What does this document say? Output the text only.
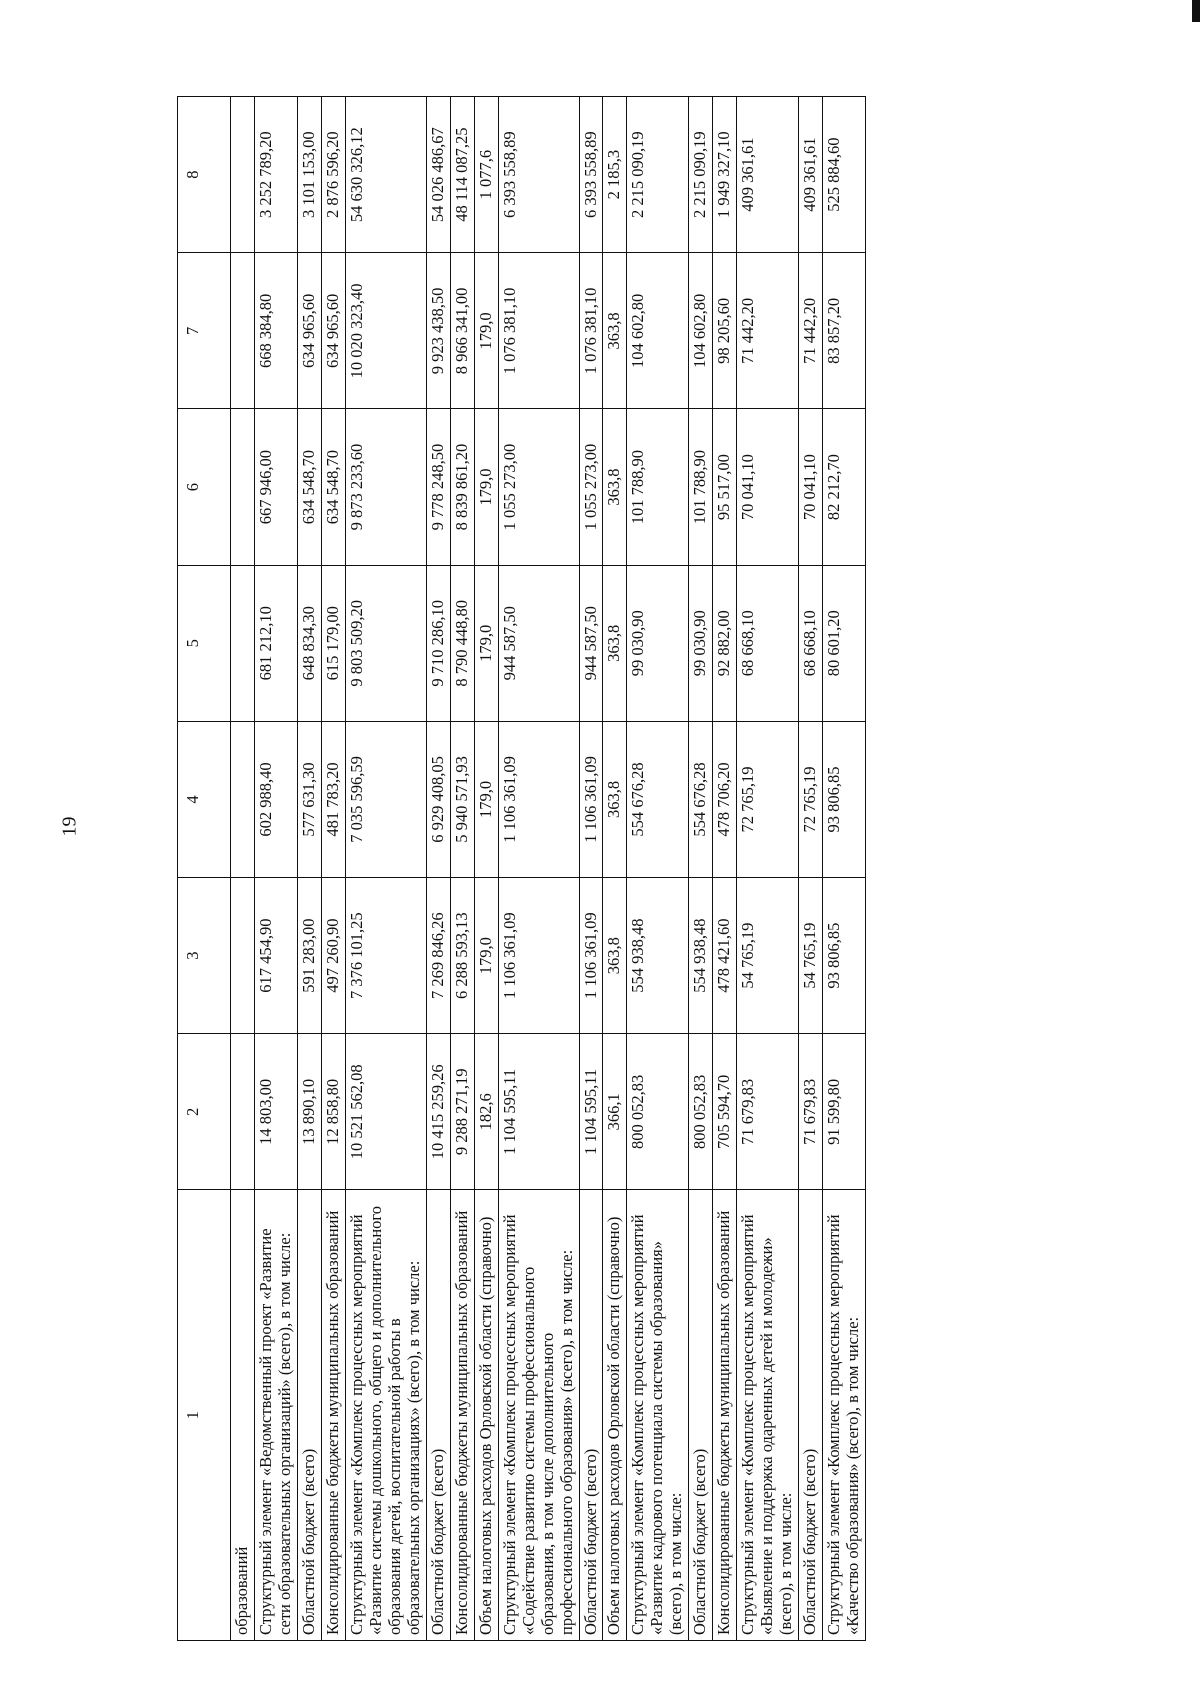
19
1	2	3	4	5	6	7	8
образований							
Структурный элемент «Ведомственный проект «Развитие сети образовательных организаций» (всего), в том числе:	14 803,00	617 454,90	602 988,40	681 212,10	667 946,00	668 384,80	3 252 789,20
Областной бюджет (всего)	13 890,10	591 283,00	577 631,30	648 834,30	634 548,70	634 965,60	3 101 153,00
Консолидированные бюджеты муниципальных образований	12 858,80	497 260,90	481 783,20	615 179,00	634 548,70	634 965,60	2 876 596,20
Структурный элемент «Комплекс процессных мероприятий «Развитие системы дошкольного, общего и дополнительного образования детей, воспитательной работы в образовательных организациях» (всего), в том числе:	10 521 562,08	7 376 101,25	7 035 596,59	9 803 509,20	9 873 233,60	10 020 323,40	54 630 326,12
Областной бюджет (всего)	10 415 259,26	7 269 846,26	6 929 408,05	9 710 286,10	9 778 248,50	9 923 438,50	54 026 486,67
Консолидированные бюджеты муниципальных образований	9 288 271,19	6 288 593,13	5 940 571,93	8 790 448,80	8 839 861,20	8 966 341,00	48 114 087,25
Объем налоговых расходов Орловской области (справочно)	182,6	179,0	179,0	179,0	179,0	179,0	1 077,6
Структурный элемент «Комплекс процессных мероприятий «Содействие развитию системы профессионального образования, в том числе дополнительного профессионального образования» (всего), в том числе:	1 104 595,11	1 106 361,09	1 106 361,09	944 587,50	1 055 273,00	1 076 381,10	6 393 558,89
Областной бюджет (всего)	1 104 595,11	1 106 361,09	1 106 361,09	944 587,50	1 055 273,00	1 076 381,10	6 393 558,89
Объем налоговых расходов Орловской области (справочно)	366,1	363,8	363,8	363,8	363,8	363,8	2 185,3
Структурный элемент «Комплекс процессных мероприятий «Развитие кадрового потенциала системы образования» (всего), в том числе:	800 052,83	554 938,48	554 676,28	99 030,90	101 788,90	104 602,80	2 215 090,19
Областной бюджет (всего)	800 052,83	554 938,48	554 676,28	99 030,90	101 788,90	104 602,80	2 215 090,19
Консолидированные бюджеты муниципальных образований	705 594,70	478 421,60	478 706,20	92 882,00	95 517,00	98 205,60	1 949 327,10
Структурный элемент «Комплекс процессных мероприятий «Выявление и поддержка одаренных детей и молодежи» (всего), в том числе:	71 679,83	54 765,19	72 765,19	68 668,10	70 041,10	71 442,20	409 361,61
Областной бюджет (всего)	71 679,83	54 765,19	72 765,19	68 668,10	70 041,10	71 442,20	409 361,61
Структурный элемент «Комплекс процессных мероприятий «Качество образования» (всего), в том числе:	91 599,80	93 806,85	93 806,85	80 601,20	82 212,70	83 857,20	525 884,60
